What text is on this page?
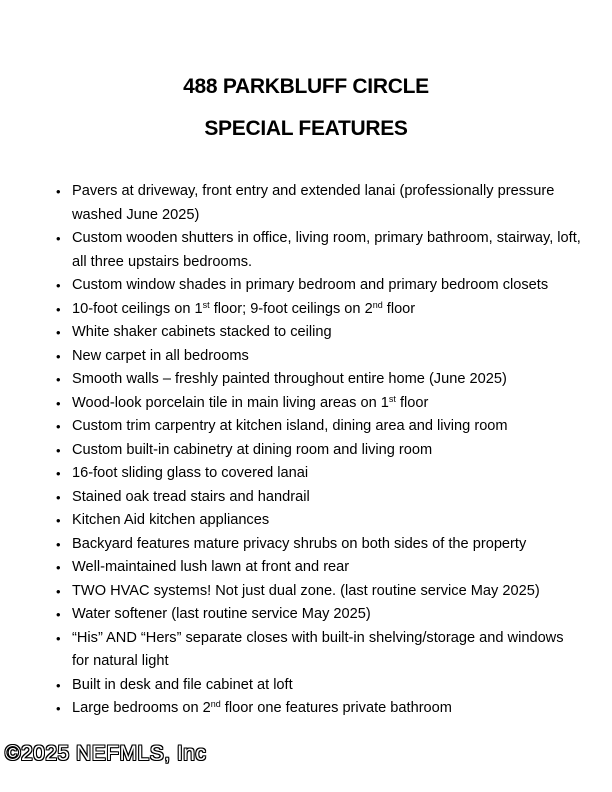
488 PARKBLUFF CIRCLE
SPECIAL FEATURES
• Pavers at driveway, front entry and extended lanai (professionally pressure washed June 2025)
• Custom wooden shutters in office, living room, primary bathroom, stairway, loft, all three upstairs bedrooms.
• Custom window shades in primary bedroom and primary bedroom closets
• 10-foot ceilings on 1st floor; 9-foot ceilings on 2nd floor
• White shaker cabinets stacked to ceiling
• New carpet in all bedrooms
• Smooth walls – freshly painted throughout entire home (June 2025)
• Wood-look porcelain tile in main living areas on 1st floor
• Custom trim carpentry at kitchen island, dining area and living room
• Custom built-in cabinetry at dining room and living room
• 16-foot sliding glass to covered lanai
• Stained oak tread stairs and handrail
• Kitchen Aid kitchen appliances
• Backyard features mature privacy shrubs on both sides of the property
• Well-maintained lush lawn at front and rear
• TWO HVAC systems! Not just dual zone. (last routine service May 2025)
• Water softener (last routine service May 2025)
• “His” AND “Hers” separate closes with built-in shelving/storage and windows for natural light
• Built in desk and file cabinet at loft
• Large bedrooms on 2nd floor one features private bathroom
©2025 NEFMLS, Inc
